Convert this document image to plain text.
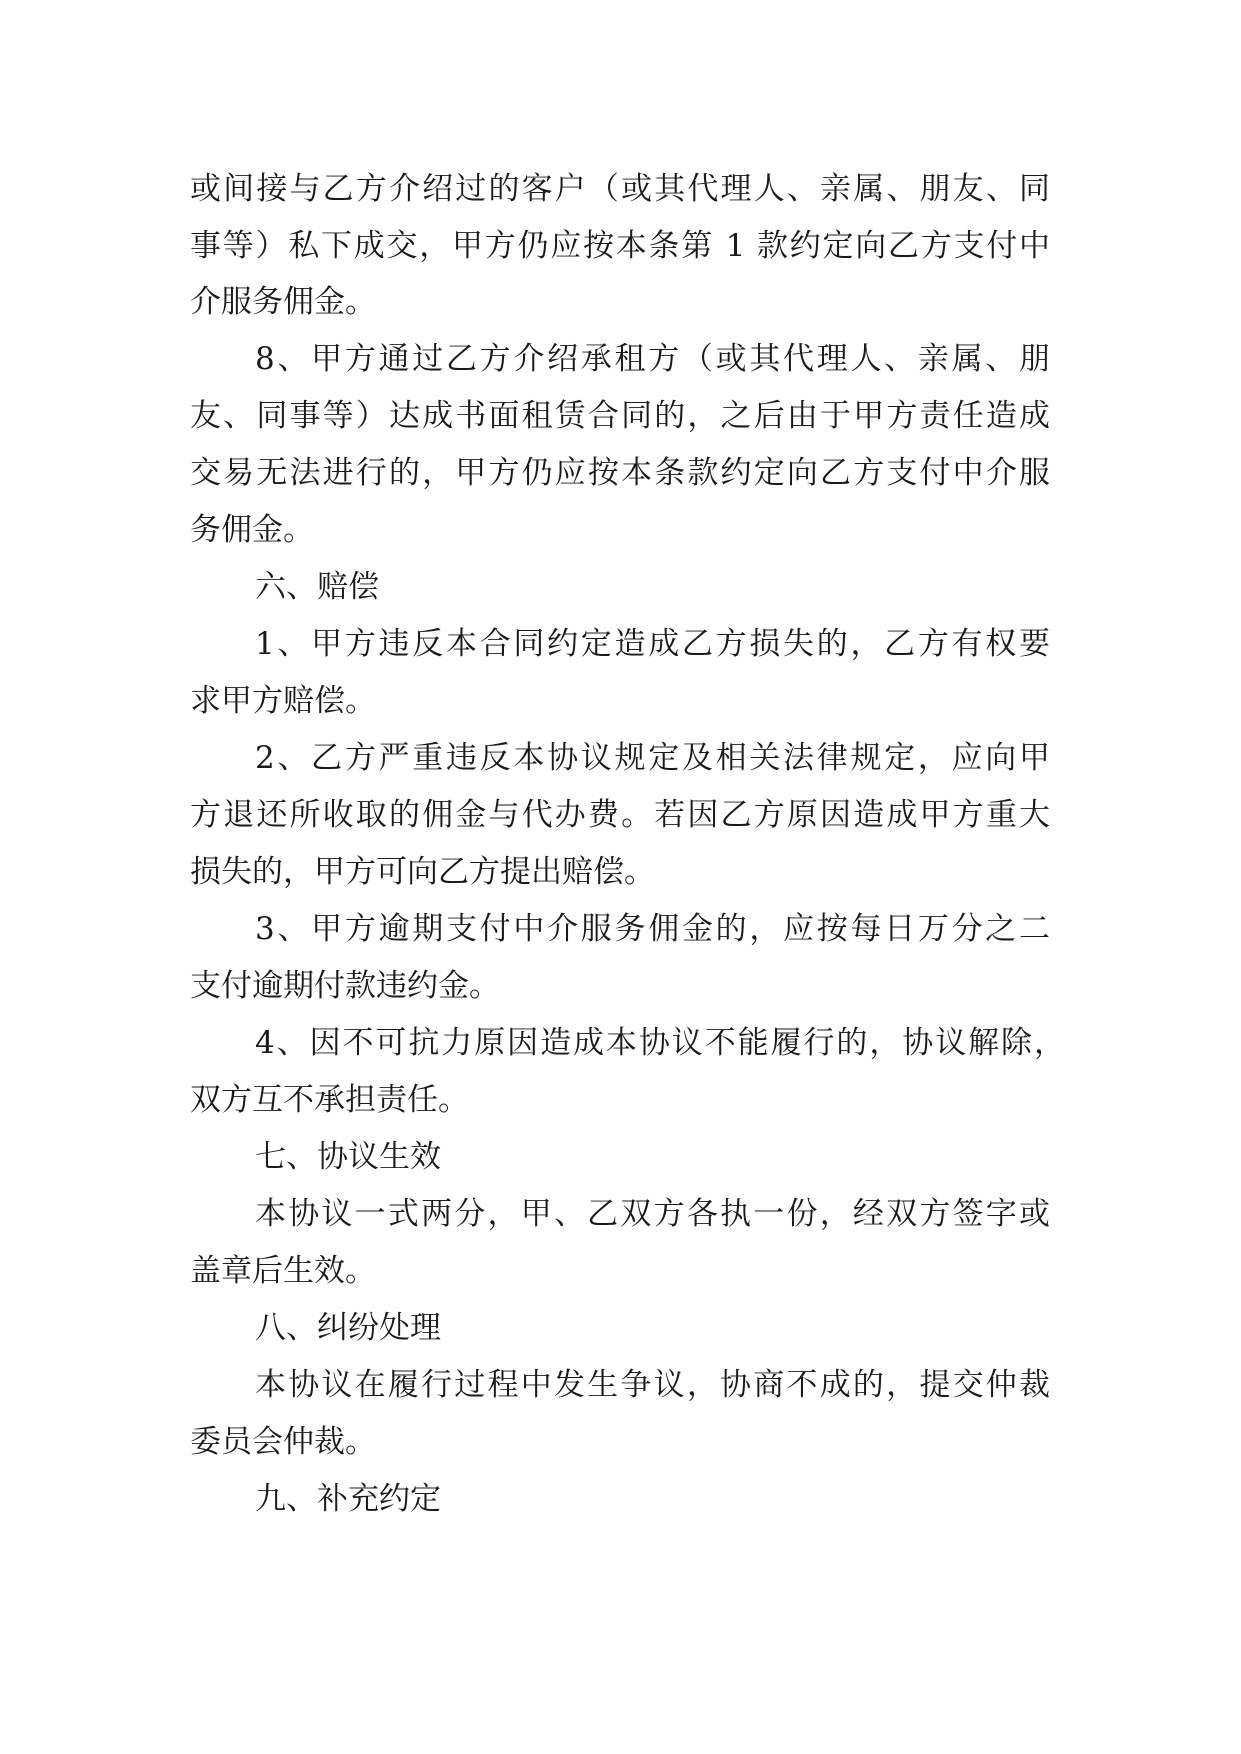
或间接与乙方介绍过的客户（或其代理人、亲属、朋友、同
事等）私下成交，甲方仍应按本条第 1 款约定向乙方支付中
介服务佣金。
8、甲方通过乙方介绍承租方（或其代理人、亲属、朋
友、同事等）达成书面租赁合同的，之后由于甲方责任造成
交易无法进行的，甲方仍应按本条款约定向乙方支付中介服
务佣金。
六、赔偿
1、甲方违反本合同约定造成乙方损失的，乙方有权要
求甲方赔偿。
2、乙方严重违反本协议规定及相关法律规定，应向甲
方退还所收取的佣金与代办费。若因乙方原因造成甲方重大
损失的，甲方可向乙方提出赔偿。
3、甲方逾期支付中介服务佣金的，应按每日万分之二
支付逾期付款违约金。
4、因不可抗力原因造成本协议不能履行的，协议解除，
双方互不承担责任。
七、协议生效
本协议一式两分，甲、乙双方各执一份，经双方签字或
盖章后生效。
八、纠纷处理
本协议在履行过程中发生争议，协商不成的，提交仲裁
委员会仲裁。
九、补充约定
